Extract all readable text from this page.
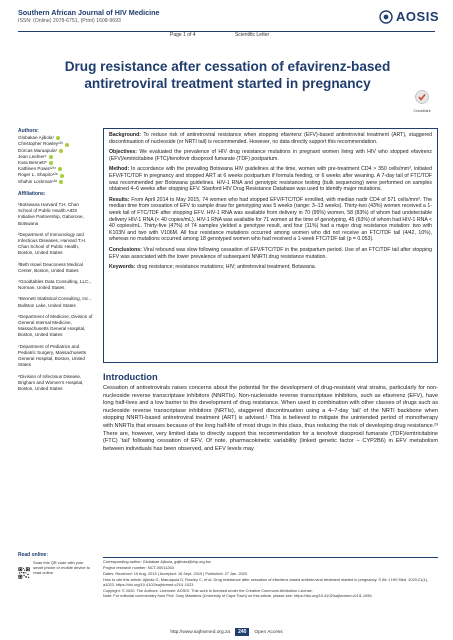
Southern African Journal of HIV Medicine
ISSN: (Online) 2078-6751, (Print) 1608-9693	AOSIS
Page 1 of 4	Scientific Letter
Drug resistance after cessation of efavirenz-based antiretroviral treatment started in pregnancy
CrossMark
Authors:
Globakae Ajibola¹
Christopher Rowley¹²³
Dorcas Maruapula¹
Jean Leidner⁴
Kara Bennett⁵
Kathleen Powis¹²⁶⁷
Roger L. Shapiro¹²⁸
Shahin Lockman¹²⁸
Affiliations:
¹Botswana Harvard T.H. Chan School of Public Health AIDS Initiative Partnership, Gaborone, Botswana
²Department of Immunology and Infectious Diseases, Harvard T.H. Chan School of Public Health, Boston, United States
³Beth Israel Deaconess Medical Center, Boston, United States
⁴Goodtables Data Consulting, LLC., Norman, United States
⁵Bennett Statistical Consulting, Inc., Ballston Lake, United States
⁶Department of Medicine, Division of General Internal Medicine, Massachusetts General Hospital, Boston, United States
⁷Department of Pediatrics and Pediatric Surgery, Massachusetts General Hospital, Boston, United States
⁸Division of Infectious Disease, Brigham and Women's Hospital, Boston, United States
Read online:
Scan this QR code with your smart phone or mobile device to read online.

Background: To reduce risk of antiretroviral resistance when stopping efavirenz (EFV)-based antiretroviral treatment (ART), staggered discontinuation of nucleoside (or NRTI tail) is recommended. However, no data directly support this recommendation.

Objectives: We evaluated the prevalence of HIV drug resistance mutations in pregnant women living with HIV who stopped efavirenz (EFV)/emtricitabine (FTC)/tenofovir disoproxil fumarate (TDF) postpartum.

Method: In accordance with the prevailing Botswana HIV guidelines at the time, women with pre-treatment CD4 > 350 cells/mm³, initiated EFV/FTC/TDF in pregnancy and stopped ART at 6 weeks postpartum if formula feeding, or 6 weeks after weaning. A 7-day tail of FTC/TDF was recommended per Botswana guidelines. HIV-1 RNA and genotypic resistance testing (bulk sequencing) were performed on samples obtained 4–6 weeks after stopping EFV. Stanford HIV Drug Resistance Database was used to identify major mutations.

Results: From April 2014 to May 2015, 74 women who had stopped EFV/FTC/TDF enrolled, with median nadir CD4 of 571 cells/mm³. The median time from cessation of EFV to sample draw for genotyping was 5 weeks (range: 3–13 weeks). Thirty-two (43%) women received a 1-week tail of FTC/TDF after stopping EFV. HIV-1 RNA was available from delivery in 70 (95%) women, 58 (83%) of whom had undetectable delivery HIV-1 RNA (< 40 copies/mL). HIV-1 RNA was available for 71 women at the time of genotyping, 45 (63%) of whom had HIV-1 RNA < 40 copies/mL. Thirty-five (47%) of 74 samples yielded a genotype result, and four (11%) had a major drug resistance mutation: two with K103N and two with V106M. All four resistance mutations occurred among women who did not receive an FTC/TDF tail (4/42, 10%), whereas no mutations occurred among 18 genotyped women who had received a 1-week FTC/TDF tail (p = 0.053).

Conclusions: Viral rebound was slow following cessation of EFV/FTC/TDF in the postpartum period. Use of an FTC/TDF tail after stopping EFV was associated with the lower prevalence of subsequent NNRTI drug resistance mutation.

Keywords: drug resistance; resistance mutations; HIV; antiretroviral treatment; Botswana.

Introduction

Cessation of antiretrovirals raises concerns about the potential for the development of drug-resistant viral strains, particularly for non-nucleoside reverse transcriptase inhibitors (NNRTIs). Non-nucleoside reverse transcriptase inhibitors, such as efavirenz (EFV), have long half-lives and a low barrier to the development of drug resistance. When used in combination with other classes of drugs such as nucleoside reverse transcriptase inhibitors (NRTIs), staggered discontinuation using a 4–7-day ‘tail’ of the NRTI backbone when stopping NNRTI-based antiretroviral treatment (ART) is advised.¹ This is believed to mitigate the unintended period of monotherapy with NNRTIs that ensues because of the long half-life of most drugs in this class, thus reducing the risk of developing drug resistance.²³ There are, however, very limited data to directly support this recommendation for a tenofovir disoproxil fumarate (TDF)/emtricitabine (FTC) ‘tail’ following cessation of EFV. Of note, pharmacokinetic variability (linked genetic factor – CYP2B6) in EFV metabolism between individuals has been observed, and EFV levels may

Corresponding author: Globakae Ajibola, gajibola@bhp.org.bw
Project research number: NCT-00011263
Dates: Received: 19 Aug. 2019 | Accepted: 16 Sept. 2019 | Published: 27 Jan. 2020
How to cite this article: Ajibola G, Maruapula D, Rowley C, et al. Drug resistance after cessation of efavirenz-based antiretroviral treatment started in pregnancy. S Afr J HIV Med. 2020;21(1), a1023. https://doi.org/10.4102/sajhivmed.v21i1.1023
Copyright: © 2020. The Authors. Licensee: AOSIS. This work is licensed under the Creative Commons Attribution License.
Note: For editorial commentary from Prof. Gary Maartens (University of Cape Town) on this article, please see: https://doi.org/10.4102/sajhivmed.v21i1.1096.
http://www.sajhivmed.org.za	240	Open Access
